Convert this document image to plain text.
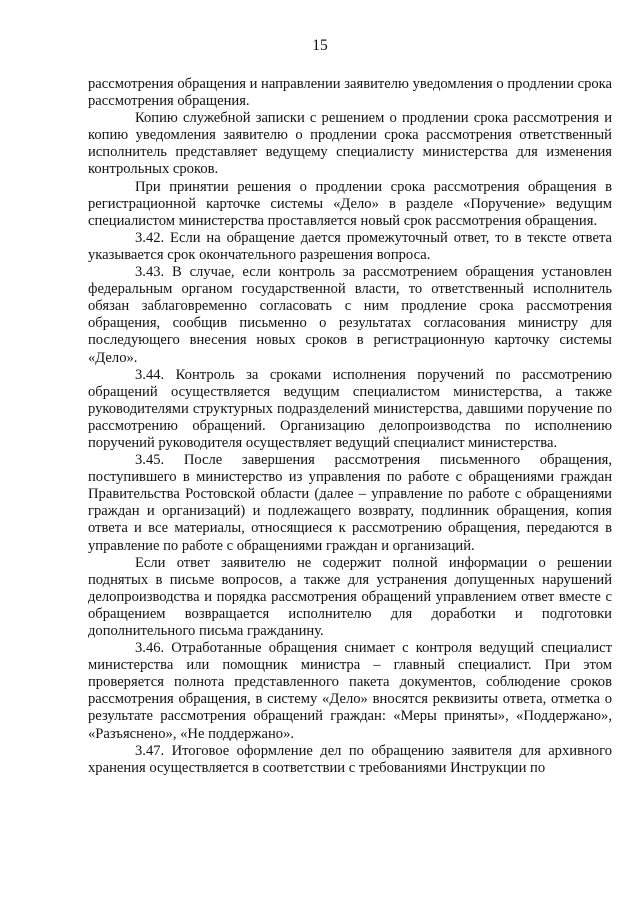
15

рассмотрения обращения и направлении заявителю уведомления о продлении срока рассмотрения обращения.

Копию служебной записки с решением о продлении срока рассмотрения и копию уведомления заявителю о продлении срока рассмотрения ответственный исполнитель представляет ведущему специалисту министерства для изменения контрольных сроков.

При принятии решения о продлении срока рассмотрения обращения в регистрационной карточке системы «Дело» в разделе «Поручение» ведущим специалистом министерства проставляется новый срок рассмотрения обращения.

3.42. Если на обращение дается промежуточный ответ, то в тексте ответа указывается срок окончательного разрешения вопроса.

3.43. В случае, если контроль за рассмотрением обращения установлен федеральным органом государственной власти, то ответственный исполнитель обязан заблаговременно согласовать с ним продление срока рассмотрения обращения, сообщив письменно о результатах согласования министру для последующего внесения новых сроков в регистрационную карточку системы «Дело».

3.44. Контроль за сроками исполнения поручений по рассмотрению обращений осуществляется ведущим специалистом министерства, а также руководителями структурных подразделений министерства, давшими поручение по рассмотрению обращений. Организацию делопроизводства по исполнению поручений руководителя осуществляет ведущий специалист министерства.

3.45. После завершения рассмотрения письменного обращения, поступившего в министерство из управления по работе с обращениями граждан Правительства Ростовской области (далее – управление по работе с обращениями граждан и организаций) и подлежащего возврату, подлинник обращения, копия ответа и все материалы, относящиеся к рассмотрению обращения, передаются в управление по работе с обращениями граждан и организаций.

Если ответ заявителю не содержит полной информации о решении поднятых в письме вопросов, а также для устранения допущенных нарушений делопроизводства и порядка рассмотрения обращений управлением ответ вместе с обращением возвращается исполнителю для доработки и подготовки дополнительного письма гражданину.

3.46. Отработанные обращения снимает с контроля ведущий специалист министерства или помощник министра – главный специалист. При этом проверяется полнота представленного пакета документов, соблюдение сроков рассмотрения обращения, в систему «Дело» вносятся реквизиты ответа, отметка о результате рассмотрения обращений граждан: «Меры приняты», «Поддержано», «Разъяснено», «Не поддержано».

3.47. Итоговое оформление дел по обращению заявителя для архивного хранения осуществляется в соответствии с требованиями Инструкции по
